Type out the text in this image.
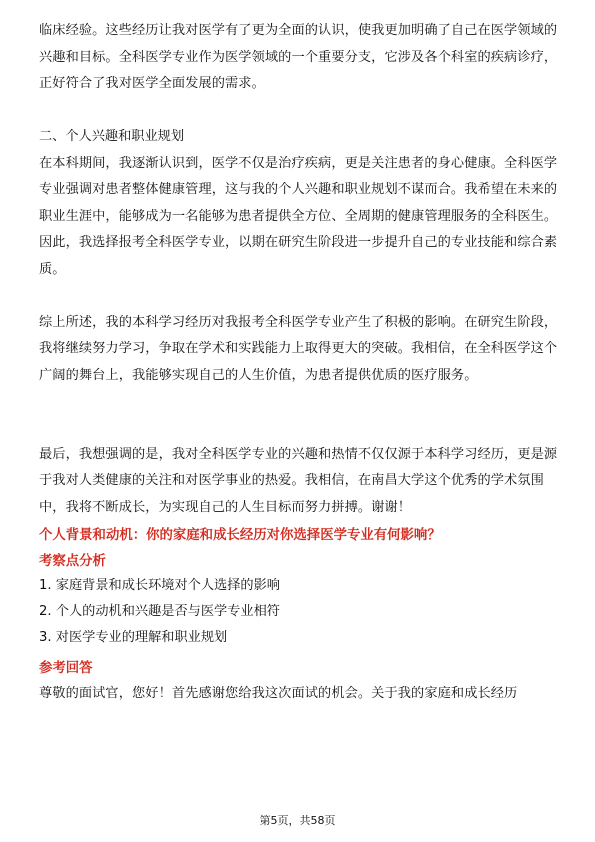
临床经验。这些经历让我对医学有了更为全面的认识，使我更加明确了自己在医学领域的兴趣和目标。全科医学专业作为医学领域的一个重要分支，它涉及各个科室的疾病诊疗，正好符合了我对医学全面发展的需求。

二、个人兴趣和职业规划

在本科期间，我逐渐认识到，医学不仅是治疗疾病，更是关注患者的身心健康。全科医学专业强调对患者整体健康管理，这与我的个人兴趣和职业规划不谋而合。我希望在未来的职业生涯中，能够成为一名能够为患者提供全方位、全周期的健康管理服务的全科医生。因此，我选择报考全科医学专业，以期在研究生阶段进一步提升自己的专业技能和综合素质。

综上所述，我的本科学习经历对我报考全科医学专业产生了积极的影响。在研究生阶段，我将继续努力学习，争取在学术和实践能力上取得更大的突破。我相信，在全科医学这个广阔的舞台上，我能够实现自己的人生价值，为患者提供优质的医疗服务。

最后，我想强调的是，我对全科医学专业的兴趣和热情不仅仅源于本科学习经历，更是源于我对人类健康的关注和对医学事业的热爱。我相信，在南昌大学这个优秀的学术氛围中，我将不断成长，为实现自己的人生目标而努力拼搏。谢谢！

个人背景和动机：你的家庭和成长经历对你选择医学专业有何影响？

考察点分析

1. 家庭背景和成长环境对个人选择的影响

2. 个人的动机和兴趣是否与医学专业相符

3. 对医学专业的理解和职业规划

参考回答

尊敬的面试官，您好！首先感谢您给我这次面试的机会。关于我的家庭和成长经历

第5页，共58页
